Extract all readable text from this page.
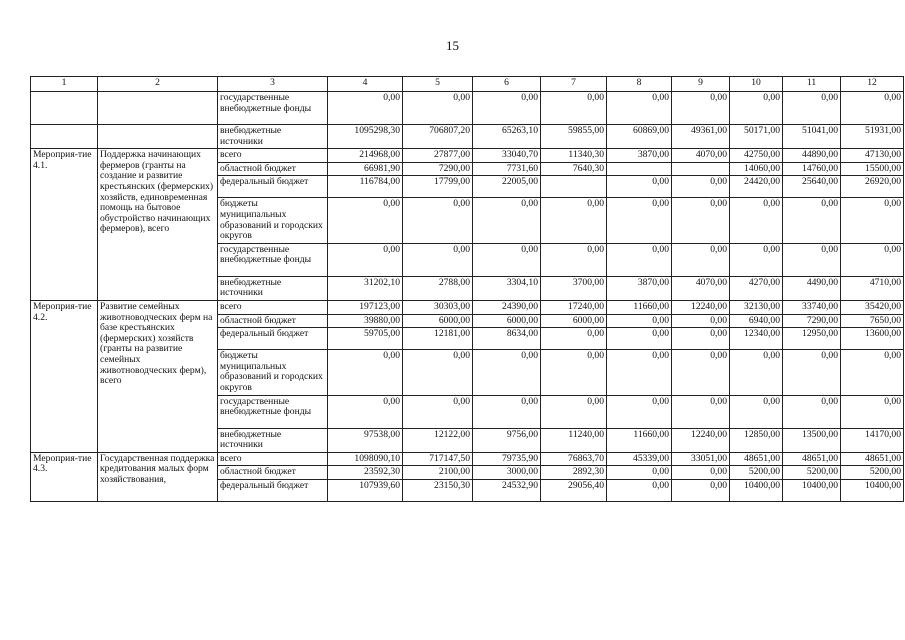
15
1	2	3	4	5	6	7	8	9	10	11	12
		государственные внебюджетные фонды	0,00	0,00	0,00	0,00	0,00	0,00	0,00	0,00	0,00
		внебюджетные источники	1095298,30	706807,20	65263,10	59855,00	60869,00	49361,00	50171,00	51041,00	51931,00
Мероприя-тие 4.1.	Поддержка начинающих фермеров (гранты на создание и развитие крестьянских (фермерских) хозяйств, единовременная помощь на бытовое обустройство начинающих фермеров), всего	всего	214968,00	27877,00	33040,70	11340,30	3870,00	4070,00	42750,00	44890,00	47130,00
		областной бюджет	66981,90	7290,00	7731,60	7640,30			14060,00	14760,00	15500,00
		федеральный бюджет	116784,00	17799,00	22005,00		0,00	0,00	24420,00	25640,00	26920,00
		бюджеты муниципальных образований и городских округов	0,00	0,00	0,00	0,00	0,00	0,00	0,00	0,00	0,00
		государственные внебюджетные фонды	0,00	0,00	0,00	0,00	0,00	0,00	0,00	0,00	0,00
		внебюджетные источники	31202,10	2788,00	3304,10	3700,00	3870,00	4070,00	4270,00	4490,00	4710,00
Мероприя-тие 4.2.	Развитие семейных животноводческих ферм на базе крестьянских (фермерских) хозяйств (гранты на развитие семейных животноводческих ферм), всего	всего	197123,00	30303,00	24390,00	17240,00	11660,00	12240,00	32130,00	33740,00	35420,00
		областной бюджет	39880,00	6000,00	6000,00	6000,00	0,00	0,00	6940,00	7290,00	7650,00
		федеральный бюджет	59705,00	12181,00	8634,00	0,00	0,00	0,00	12340,00	12950,00	13600,00
		бюджеты муниципальных образований и городских округов	0,00	0,00	0,00	0,00	0,00	0,00	0,00	0,00	0,00
		государственные внебюджетные фонды	0,00	0,00	0,00	0,00	0,00	0,00	0,00	0,00	0,00
		внебюджетные источники	97538,00	12122,00	9756,00	11240,00	11660,00	12240,00	12850,00	13500,00	14170,00
Мероприя-тие 4.3.	Государственная поддержка кредитования малых форм хозяйствования,	всего	1098090,10	717147,50	79735,90	76863,70	45339,00	33051,00	48651,00	48651,00	48651,00
		областной бюджет	23592,30	2100,00	3000,00	2892,30	0,00	0,00	5200,00	5200,00	5200,00
		федеральный бюджет	107939,60	23150,30	24532,90	29056,40	0,00	0,00	10400,00	10400,00	10400,00
